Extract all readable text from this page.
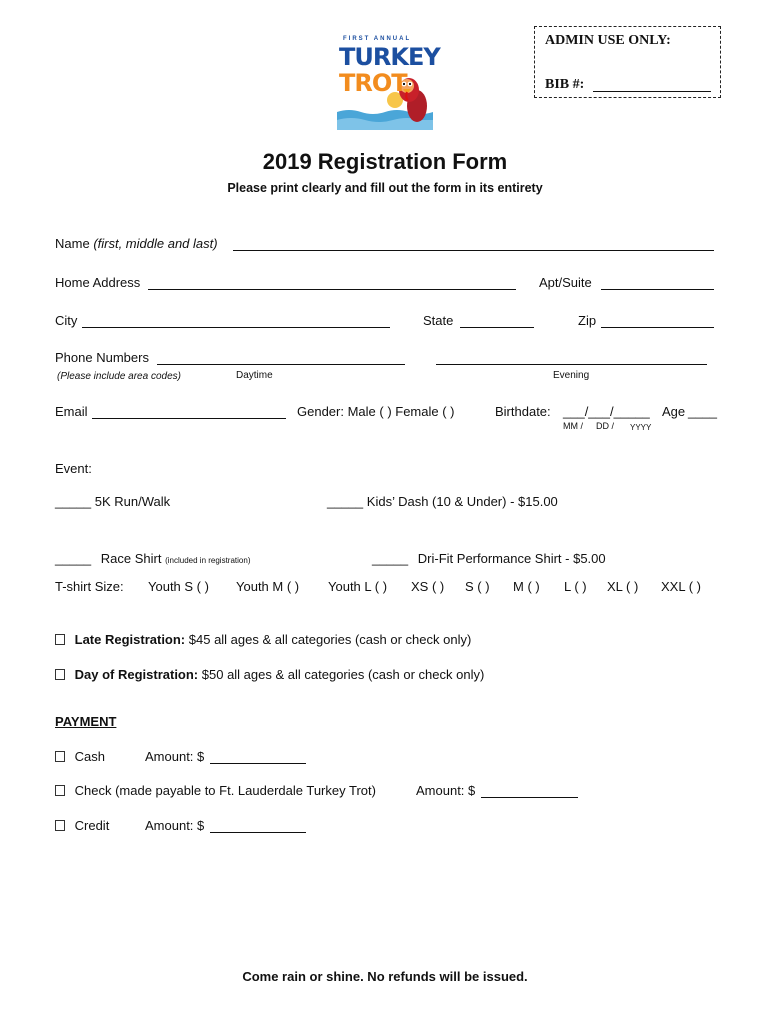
FIRST ANNUAL
TURKEY
TROT
ADMIN USE ONLY:
BIB #:
2019 Registration Form
Please print clearly and fill out the form in its entirety
Name (first, middle and last)
Home Address	Apt/Suite
City	State	Zip
Phone Numbers
(Please include area codes)	Daytime	Evening
Email	Gender: Male ( ) Female ( )	Birthdate: ___/___/_____ Age ____
MM / DD / YYYY
Event:
_____ 5K Run/Walk	_____ Kids’ Dash (10 & Under) - $15.00
_____ Race Shirt (included in registration)	_____ Dri-Fit Performance Shirt - $5.00
T-shirt Size: Youth S ( ) Youth M ( ) Youth L ( ) XS ( ) S ( ) M ( ) L ( ) XL ( ) XXL ( )
Late Registration: $45 all ages & all categories (cash or check only)
Day of Registration: $50 all ages & all categories (cash or check only)
PAYMENT
Cash	Amount: $
Check (made payable to Ft. Lauderdale Turkey Trot)	Amount: $
Credit	Amount: $
Come rain or shine. No refunds will be issued.
